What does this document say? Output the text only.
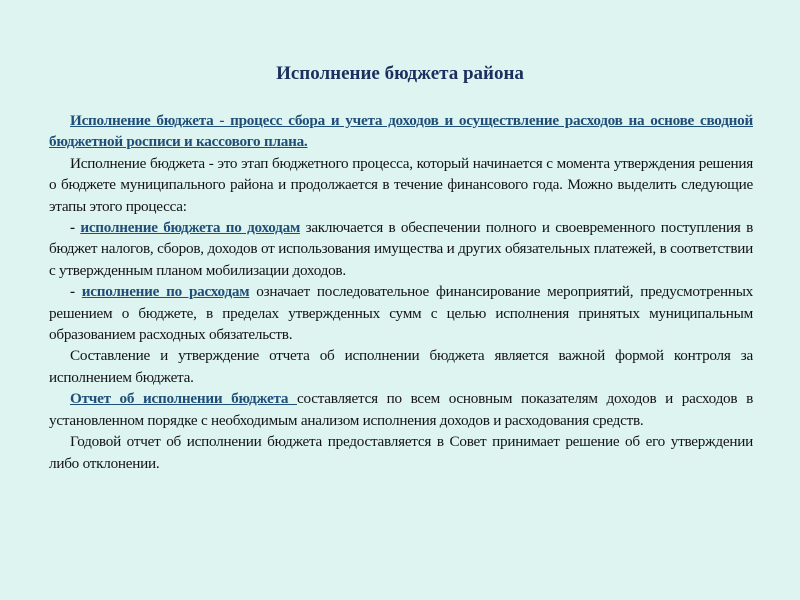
Исполнение бюджета района

Исполнение бюджета - процесс сбора и учета доходов и осуществление расходов на основе сводной бюджетной росписи и кассового плана.

Исполнение бюджета - это этап бюджетного процесса, который начинается с момента утверждения решения о бюджете муниципального района и продолжается в течение финансового года. Можно выделить следующие этапы этого процесса:

- исполнение бюджета по доходам заключается в обеспечении полного и своевременного поступления в бюджет налогов, сборов, доходов от использования имущества и других обязательных платежей, в соответствии с утвержденным планом мобилизации доходов.

- исполнение по расходам означает последовательное финансирование мероприятий, предусмотренных решением о бюджете, в пределах утвержденных сумм с целью исполнения принятых муниципальным образованием расходных обязательств.

Составление и утверждение отчета об исполнении бюджета является важной формой контроля за исполнением бюджета.

Отчет об исполнении бюджета составляется по всем основным показателям доходов и расходов в установленном порядке с необходимым анализом исполнения доходов и расходования средств.

Годовой отчет об исполнении бюджета предоставляется в Совет принимает решение об его утверждении либо отклонении.
